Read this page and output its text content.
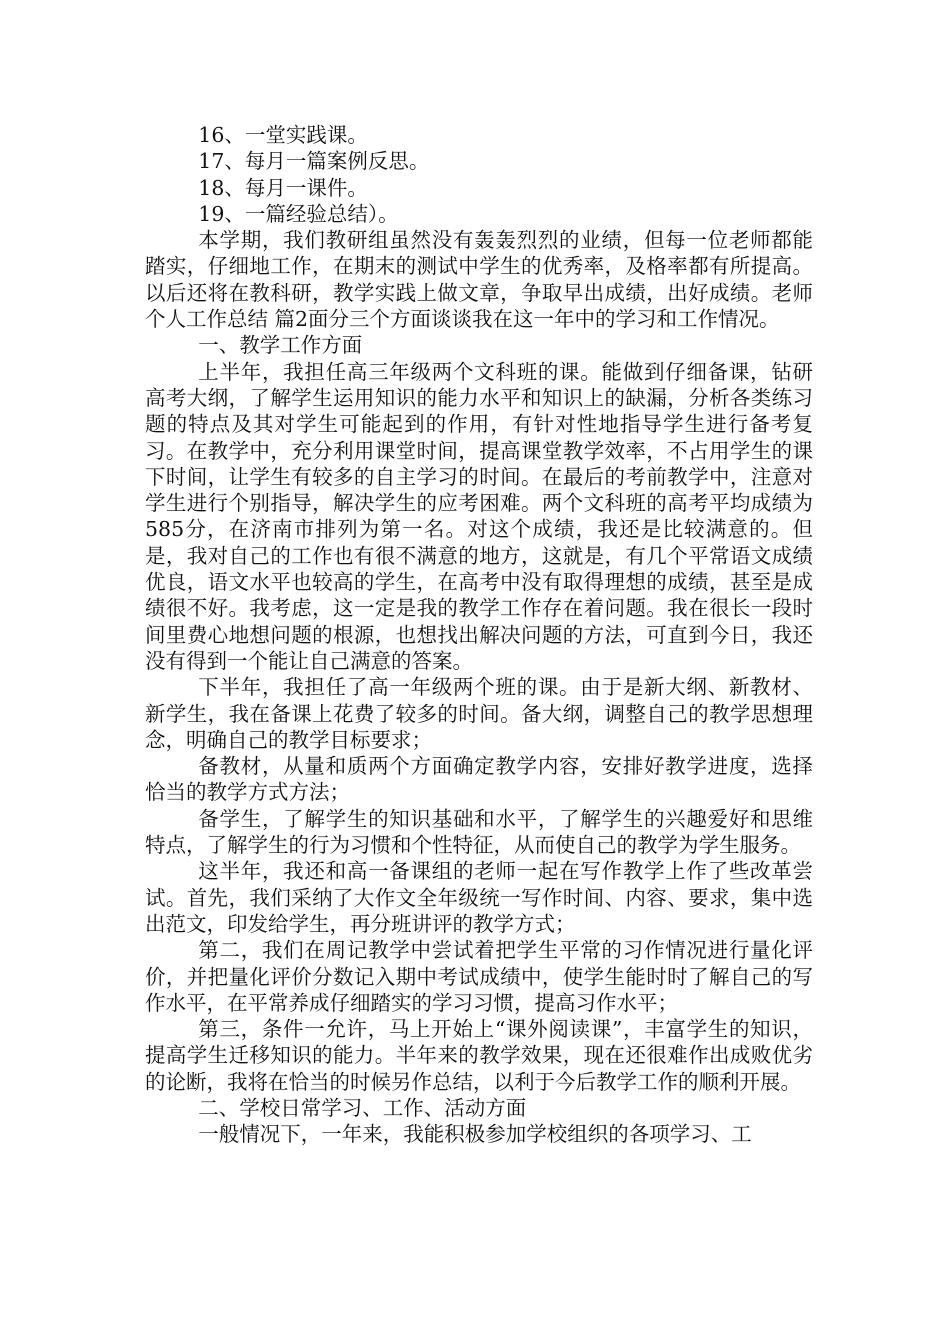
16、一堂实践课。

17、每月一篇案例反思。

18、每月一课件。

19、一篇经验总结）。

本学期，我们教研组虽然没有轰轰烈烈的业绩，但每一位老师都能踏实，仔细地工作，在期末的测试中学生的优秀率，及格率都有所提高。以后还将在教科研，教学实践上做文章，争取早出成绩，出好成绩。老师个人工作总结 篇2面分三个方面谈谈我在这一年中的学习和工作情况。

一、教学工作方面

上半年，我担任高三年级两个文科班的课。能做到仔细备课，钻研高考大纲，了解学生运用知识的能力水平和知识上的缺漏，分析各类练习题的特点及其对学生可能起到的作用，有针对性地指导学生进行备考复习。在教学中，充分利用课堂时间，提高课堂教学效率，不占用学生的课下时间，让学生有较多的自主学习的时间。在最后的考前教学中，注意对学生进行个别指导，解决学生的应考困难。两个文科班的高考平均成绩为585分，在济南市排列为第一名。对这个成绩，我还是比较满意的。但是，我对自己的工作也有很不满意的地方，这就是，有几个平常语文成绩优良，语文水平也较高的学生，在高考中没有取得理想的成绩，甚至是成绩很不好。我考虑，这一定是我的教学工作存在着问题。我在很长一段时间里费心地想问题的根源，也想找出解决问题的方法，可直到今日，我还没有得到一个能让自己满意的答案。

下半年，我担任了高一年级两个班的课。由于是新大纲、新教材、新学生，我在备课上花费了较多的时间。备大纲，调整自己的教学思想理念，明确自己的教学目标要求；

备教材，从量和质两个方面确定教学内容，安排好教学进度，选择恰当的教学方式方法；

备学生，了解学生的知识基础和水平，了解学生的兴趣爱好和思维特点，了解学生的行为习惯和个性特征，从而使自己的教学为学生服务。

这半年，我还和高一备课组的老师一起在写作教学上作了些改革尝试。首先，我们采纳了大作文全年级统一写作时间、内容、要求，集中选出范文，印发给学生，再分班讲评的教学方式；

第二，我们在周记教学中尝试着把学生平常的习作情况进行量化评价，并把量化评价分数记入期中考试成绩中，使学生能时时了解自己的写作水平，在平常养成仔细踏实的学习习惯，提高习作水平；

第三，条件一允许，马上开始上“课外阅读课”，丰富学生的知识，提高学生迁移知识的能力。半年来的教学效果，现在还很难作出成败优劣的论断，我将在恰当的时候另作总结，以利于今后教学工作的顺利开展。

二、学校日常学习、工作、活动方面

一般情况下，一年来，我能积极参加学校组织的各项学习、工
